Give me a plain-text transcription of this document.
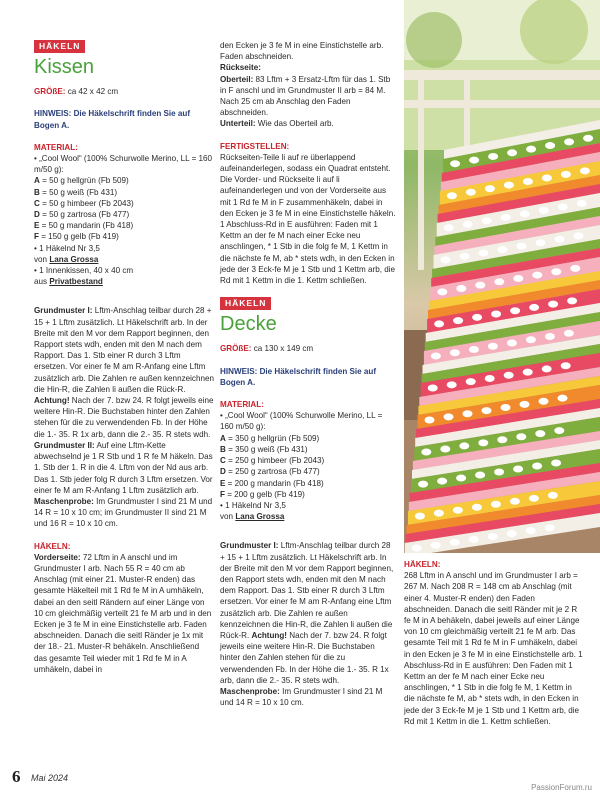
HÄKELN
Kissen

GRÖßE: ca 42 x 42 cm

HINWEIS: Die Häkelschrift finden Sie auf Bogen A.

MATERIAL:

• „Cool Wool“ (100% Schurwolle Merino, LL = 160 m/50 g):

A = 50 g hellgrün (Fb 509)

B = 50 g weiß (Fb 431)

C = 50 g himbeer (Fb 2043)

D = 50 g zartrosa (Fb 477)

E = 50 g mandarin (Fb 418)

F = 150 g gelb (Fb 419)

• 1 Häkelnd Nr 3,5

von Lana Grossa

• 1 Innenkissen, 40 x 40 cm

aus Privatbestand

Grundmuster I: Lftm-Anschlag teilbar durch 28 + 15 + 1 Lftm zusätzlich. Lt Häkelschrift arb. In der Breite mit den M vor dem Rapport beginnen, den Rapport stets wdh, enden mit den M nach dem Rapport. Das 1. Stb einer R durch 3 Lftm ersetzen. Vor einer fe M am R-Anfang eine Lftm zusätzlich arb. Die Zahlen re außen kennzeichnen die Hin-R, die Zahlen li außen die Rück-R. Achtung! Nach der 7. bzw 24. R folgt jeweils eine weitere Hin-R. Die Buchstaben hinter den Zahlen stehen für die zu verwendenden Fb. In der Höhe die 1.- 35. R 1x arb, dann die 2.- 35. R stets wdh.

Grundmuster II: Auf eine Lftm-Kette abwechselnd je 1 R Stb und 1 R fe M häkeln. Das 1. Stb der 1. R in die 4. Lftm von der Nd aus arb. Das 1. Stb jeder folg R durch 3 Lftm ersetzen. Vor einer fe M am R-Anfang 1 Lftm zusätzlich arb.

Maschenprobe: Im Grundmuster I sind 21 M und 14 R = 10 x 10 cm; im Grundmuster II sind 21 M und 16 R = 10 x 10 cm.

HÄKELN:

Vorderseite: 72 Lftm in A anschl und im Grundmuster I arb. Nach 55 R = 40 cm ab Anschlag (mit einer 21. Muster-R enden) das gesamte Häkelteil mit 1 Rd fe M in A umhäkeln, dabei an den seitl Rändern auf einer Länge von 10 cm gleichmäßig verteilt 21 fe M arb und in den Ecken je 3 fe M in eine Einstichstelle arb. Faden abschneiden. Danach die seitl Ränder je 1x mit der 18.- 21. Muster-R behäkeln. Anschließend das gesamte Teil wieder mit 1 Rd fe M in A umhäkeln, dabei in

den Ecken je 3 fe M in eine Einstichstelle arb. Faden abschneiden.

Rückseite:

Oberteil: 83 Lftm + 3 Ersatz-Lftm für das 1. Stb in F anschl und im Grundmuster II arb = 84 M. Nach 25 cm ab Anschlag den Faden abschneiden.

Unterteil: Wie das Oberteil arb.

FERTIGSTELLEN:

Rückseiten-Teile li auf re überlappend aufeinanderlegen, sodass ein Quadrat entsteht. Die Vorder- und Rückseite li auf li aufeinanderlegen und von der Vorderseite aus mit 1 Rd fe M in F zusammenhäkeln, dabei in den Ecken je 3 fe M in eine Einstichstelle häkeln. 1 Abschluss-Rd in E ausführen: Faden mit 1 Kettm an der fe M nach einer Ecke neu anschlingen, * 1 Stb in die folg fe M, 1 Kettm in die nächste fe M, ab * stets wdh, in den Ecken in jede der 3 Eck-fe M je 1 Stb und 1 Kettm arb, die Rd mit 1 Kettm in die 1. Kettm schließen.

HÄKELN
Decke

GRÖßE: ca 130 x 149 cm

HINWEIS: Die Häkelschrift finden Sie auf Bogen A.

MATERIAL:

• „Cool Wool“ (100% Schurwolle Merino, LL = 160 m/50 g):

A = 350 g hellgrün (Fb 509)

B = 350 g weiß (Fb 431)

C = 250 g himbeer (Fb 2043)

D = 250 g zartrosa (Fb 477)

E = 200 g mandarin (Fb 418)

F = 200 g gelb (Fb 419)

• 1 Häkelnd Nr 3,5

von Lana Grossa

Grundmuster I: Lftm-Anschlag teilbar durch 28 + 15 + 1 Lftm zusätzlich. Lt Häkelschrift arb. In der Breite mit den M vor dem Rapport beginnen, den Rapport stets wdh, enden mit den M nach dem Rapport. Das 1. Stb einer R durch 3 Lftm ersetzen. Vor einer fe M am R-Anfang eine Lftm zusätzlich arb. Die Zahlen re außen kennzeichnen die Hin-R, die Zahlen li außen die Rück-R. Achtung! Nach der 7. bzw 24. R folgt jeweils eine weitere Hin-R. Die Buchstaben hinter den Zahlen stehen für die zu verwendenden Fb. In der Höhe die 1.- 35. R 1x arb, dann die 2.- 35. R stets wdh.

Maschenprobe: Im Grundmuster I sind 21 M und 14 R = 10 x 10 cm.

HÄKELN:

268 Lftm in A anschl und im Grundmuster I arb = 267 M. Nach 208 R = 148 cm ab Anschlag (mit einer 4. Muster-R enden) den Faden abschneiden. Danach die seitl Ränder mit je 2 R fe M in A behäkeln, dabei jeweils auf einer Länge von 10 cm gleichmäßig verteilt 21 fe M arb. Das gesamte Teil mit 1 Rd fe M in F umhäkeln, dabei in den Ecken je 3 fe M in eine Einstichstelle arb. 1 Abschluss-Rd in E ausführen: Den Faden mit 1 Kettm an der fe M nach einer Ecke neu anschlingen, * 1 Stb in die folg fe M, 1 Kettm in die nächste fe M, ab * stets wdh, in den Ecken in jede der 3 Eck-fe M je 1 Stb und 1 Kettm arb, die Rd mit 1 Kettm in die 1. Kettm schließen.

6 Mai 2024
PassionForum.ru
